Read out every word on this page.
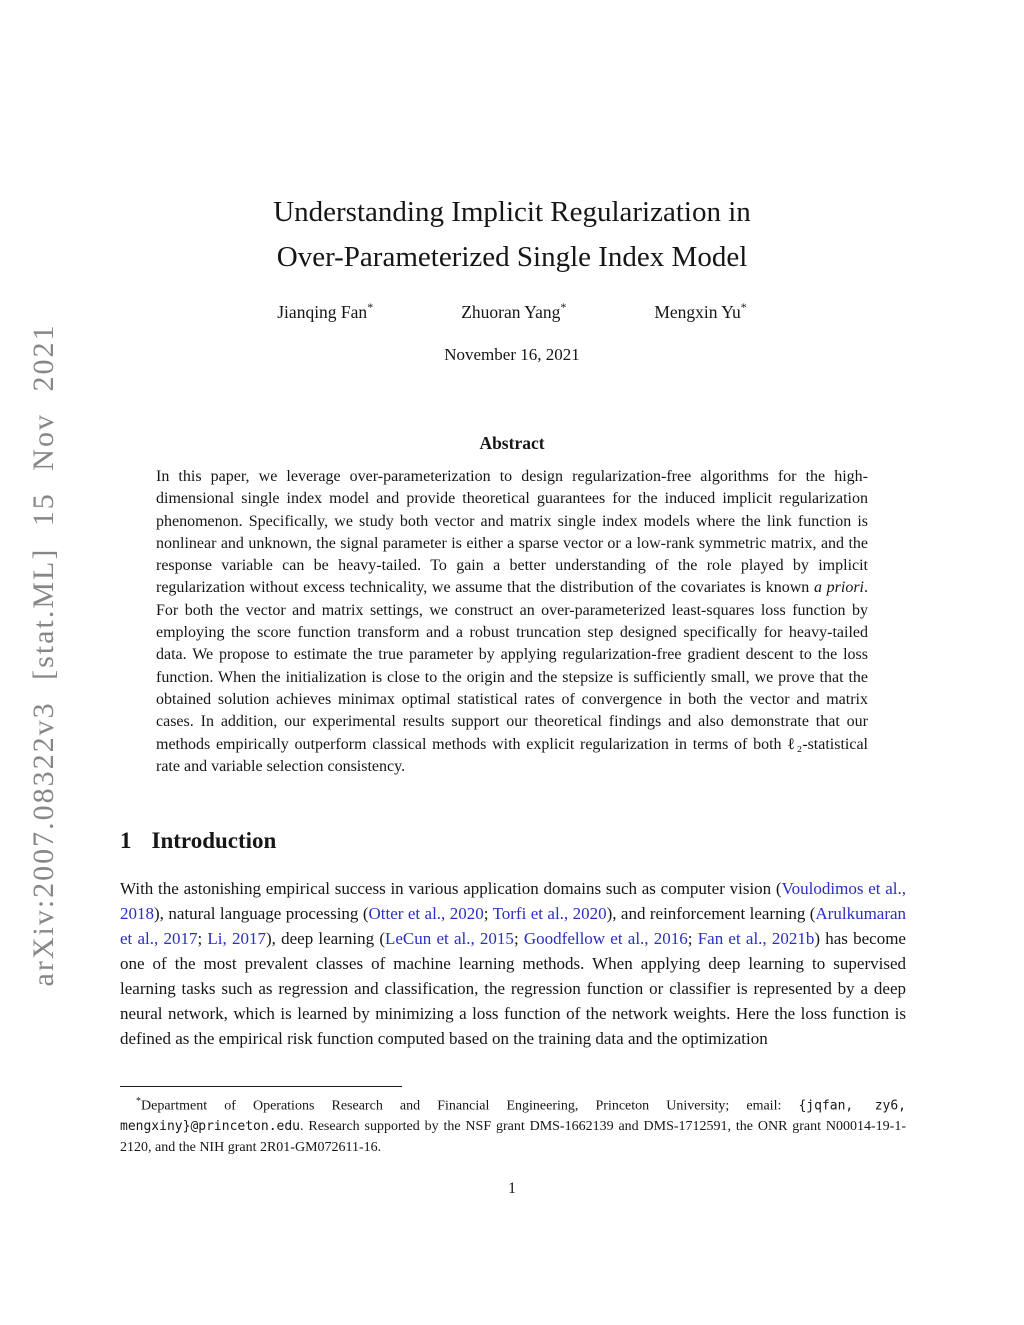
arXiv:2007.08322v3 [stat.ML] 15 Nov 2021
Understanding Implicit Regularization in
Over-Parameterized Single Index Model
Jianqing Fan*	Zhuoran Yang*	Mengxin Yu*
November 16, 2021
Abstract
In this paper, we leverage over-parameterization to design regularization-free algorithms for the high-dimensional single index model and provide theoretical guarantees for the induced implicit regularization phenomenon. Specifically, we study both vector and matrix single index models where the link function is nonlinear and unknown, the signal parameter is either a sparse vector or a low-rank symmetric matrix, and the response variable can be heavy-tailed. To gain a better understanding of the role played by implicit regularization without excess technicality, we assume that the distribution of the covariates is known a priori. For both the vector and matrix settings, we construct an over-parameterized least-squares loss function by employing the score function transform and a robust truncation step designed specifically for heavy-tailed data. We propose to estimate the true parameter by applying regularization-free gradient descent to the loss function. When the initialization is close to the origin and the stepsize is sufficiently small, we prove that the obtained solution achieves minimax optimal statistical rates of convergence in both the vector and matrix cases. In addition, our experimental results support our theoretical findings and also demonstrate that our methods empirically outperform classical methods with explicit regularization in terms of both ℓ₂-statistical rate and variable selection consistency.
1 Introduction
With the astonishing empirical success in various application domains such as computer vision (Voulodimos et al., 2018), natural language processing (Otter et al., 2020; Torfi et al., 2020), and reinforcement learning (Arulkumaran et al., 2017; Li, 2017), deep learning (LeCun et al., 2015; Goodfellow et al., 2016; Fan et al., 2021b) has become one of the most prevalent classes of machine learning methods. When applying deep learning to supervised learning tasks such as regression and classification, the regression function or classifier is represented by a deep neural network, which is learned by minimizing a loss function of the network weights. Here the loss function is defined as the empirical risk function computed based on the training data and the optimization
*Department of Operations Research and Financial Engineering, Princeton University; email: {jqfan, zy6, mengxiny}@princeton.edu. Research supported by the NSF grant DMS-1662139 and DMS-1712591, the ONR grant N00014-19-1-2120, and the NIH grant 2R01-GM072611-16.
1
